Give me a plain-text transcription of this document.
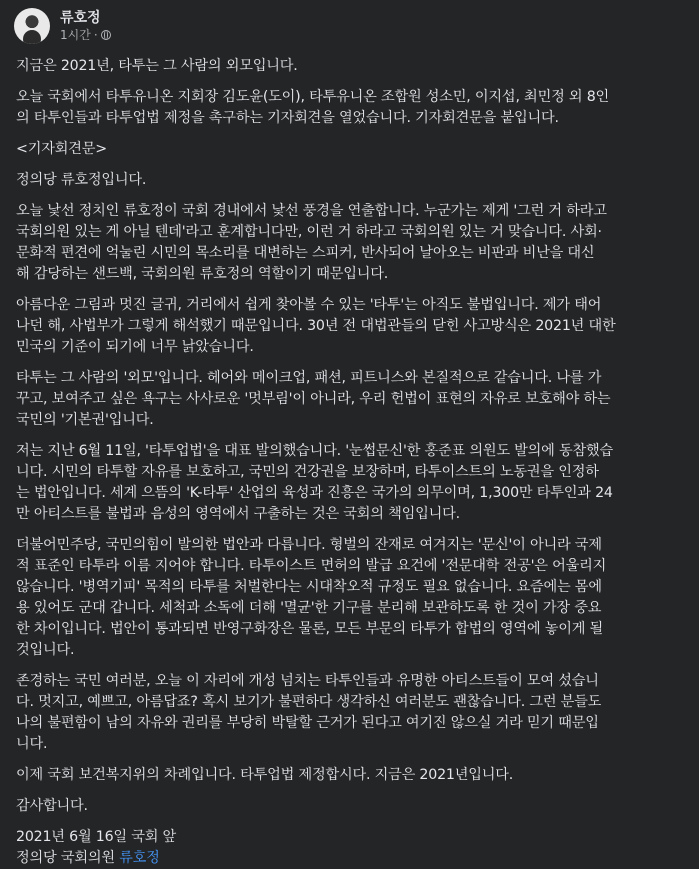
류호정
1시간 ·

지금은 2021년, 타투는 그 사람의 외모입니다.

오늘 국회에서 타투유니온 지회장 김도윤(도이), 타투유니온 조합원 성소민, 이지섭, 최민정 외 8인
의 타투인들과 타투업법 제정을 촉구하는 기자회견을 열었습니다. 기자회견문을 붙입니다.

<기자회견문>

정의당 류호정입니다.

오늘 낯선 정치인 류호정이 국회 경내에서 낯선 풍경을 연출합니다. 누군가는 제게 '그런 거 하라고
국회의원 있는 게 아닐 텐데'라고 훈계합니다만, 이런 거 하라고 국회의원 있는 거 맞습니다. 사회·
문화적 편견에 억눌린 시민의 목소리를 대변하는 스피커, 반사되어 날아오는 비판과 비난을 대신
해 감당하는 샌드백, 국회의원 류호정의 역할이기 때문입니다.

아름다운 그림과 멋진 글귀, 거리에서 쉽게 찾아볼 수 있는 '타투'는 아직도 불법입니다. 제가 태어
나던 해, 사법부가 그렇게 해석했기 때문입니다. 30년 전 대법관들의 닫힌 사고방식은 2021년 대한
민국의 기준이 되기에 너무 낡았습니다.

타투는 그 사람의 '외모'입니다. 헤어와 메이크업, 패션, 피트니스와 본질적으로 같습니다. 나를 가
꾸고, 보여주고 싶은 욕구는 사사로운 '멋부림'이 아니라, 우리 헌법이 표현의 자유로 보호해야 하는
국민의 '기본권'입니다.

저는 지난 6월 11일, '타투업법'을 대표 발의했습니다. '눈썹문신'한 홍준표 의원도 발의에 동참했습
니다. 시민의 타투할 자유를 보호하고, 국민의 건강권을 보장하며, 타투이스트의 노동권을 인정하
는 법안입니다. 세계 으뜸의 'K-타투' 산업의 육성과 진흥은 국가의 의무이며, 1,300만 타투인과 24
만 아티스트를 불법과 음성의 영역에서 구출하는 것은 국회의 책임입니다.

더불어민주당, 국민의힘이 발의한 법안과 다릅니다. 형벌의 잔재로 여겨지는 '문신'이 아니라 국제
적 표준인 타투라 이름 지어야 합니다. 타투이스트 면허의 발급 요건에 '전문대학 전공'은 어울리지
않습니다. '병역기피' 목적의 타투를 처벌한다는 시대착오적 규정도 필요 없습니다. 요즘에는 몸에
용 있어도 군대 갑니다. 세척과 소독에 더해 '멸균'한 기구를 분리해 보관하도록 한 것이 가장 중요
한 차이입니다. 법안이 통과되면 반영구화장은 물론, 모든 부문의 타투가 합법의 영역에 놓이게 될
것입니다.

존경하는 국민 여러분, 오늘 이 자리에 개성 넘치는 타투인들과 유명한 아티스트들이 모여 섰습니
다. 멋지고, 예쁘고, 아름답죠? 혹시 보기가 불편하다 생각하신 여러분도 괜찮습니다. 그런 분들도
나의 불편함이 남의 자유와 권리를 부당히 박탈할 근거가 된다고 여기진 않으실 거라 믿기 때문입
니다.

이제 국회 보건복지위의 차례입니다. 타투업법 제정합시다. 지금은 2021년입니다.

감사합니다.

2021년 6월 16일 국회 앞
정의당 국회의원 류호정
